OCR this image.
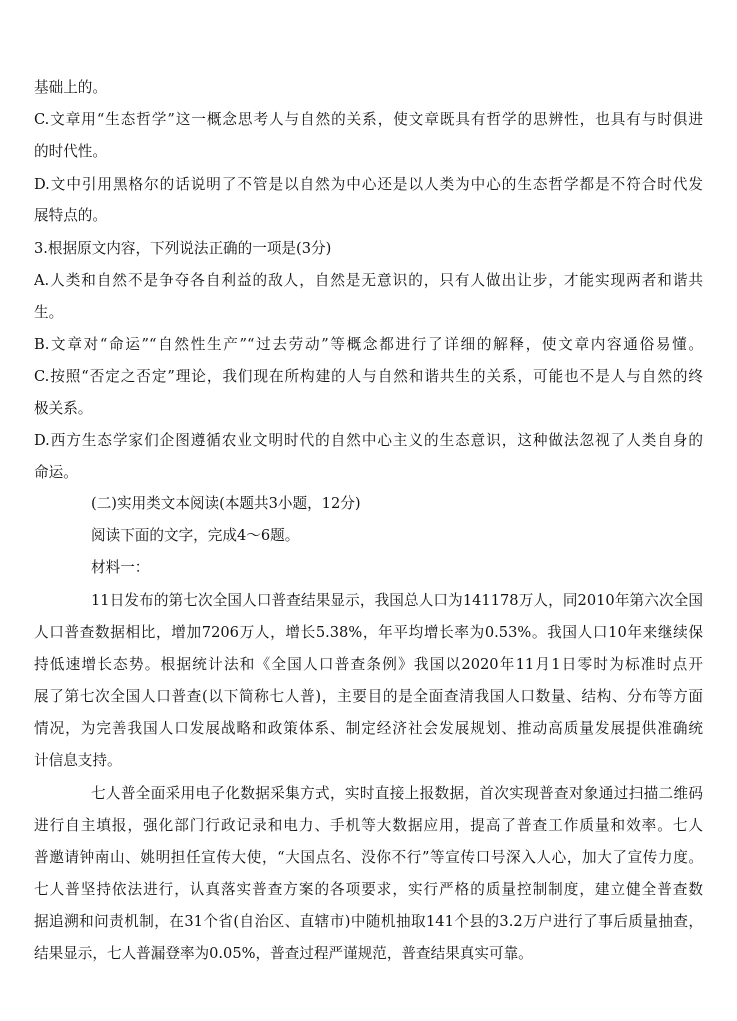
基础上的。
C.文章用“生态哲学”这一概念思考人与自然的关系，使文章既具有哲学的思辨性，也具有与时俱进
的时代性。
D.文中引用黑格尔的话说明了不管是以自然为中心还是以人类为中心的生态哲学都是不符合时代发
展特点的。
3.根据原文内容，下列说法正确的一项是(3分)
A.人类和自然不是争夺各自利益的敌人，自然是无意识的，只有人做出让步，才能实现两者和谐共
生。
B.文章对“命运”“自然性生产”“过去劳动”等概念都进行了详细的解释，使文章内容通俗易懂。
C.按照“否定之否定”理论，我们现在所构建的人与自然和谐共生的关系，可能也不是人与自然的终
极关系。
D.西方生态学家们企图遵循农业文明时代的自然中心主义的生态意识，这种做法忽视了人类自身的
命运。
(二)实用类文本阅读(本题共3小题，12分)
阅读下面的文字，完成4～6题。
材料一：
11日发布的第七次全国人口普查结果显示，我国总人口为141178万人，同2010年第六次全国
人口普查数据相比，增加7206万人，增长5.38%，年平均增长率为0.53%。我国人口10年来继续保
持低速增长态势。根据统计法和《全国人口普查条例》我国以2020年11月1日零时为标准时点开
展了第七次全国人口普查(以下简称七人普)，主要目的是全面查清我国人口数量、结构、分布等方面
情况，为完善我国人口发展战略和政策体系、制定经济社会发展规划、推动高质量发展提供准确统
计信息支持。
七人普全面采用电子化数据采集方式，实时直接上报数据，首次实现普查对象通过扫描二维码
进行自主填报，强化部门行政记录和电力、手机等大数据应用，提高了普查工作质量和效率。七人
普邀请钟南山、姚明担任宣传大使，“大国点名、没你不行”等宣传口号深入人心，加大了宣传力度。
七人普坚持依法进行，认真落实普查方案的各项要求，实行严格的质量控制制度，建立健全普查数
据追溯和问责机制，在31个省(自治区、直辖市)中随机抽取141个县的3.2万户进行了事后质量抽查，
结果显示，七人普漏登率为0.05%，普查过程严谨规范，普查结果真实可靠。
